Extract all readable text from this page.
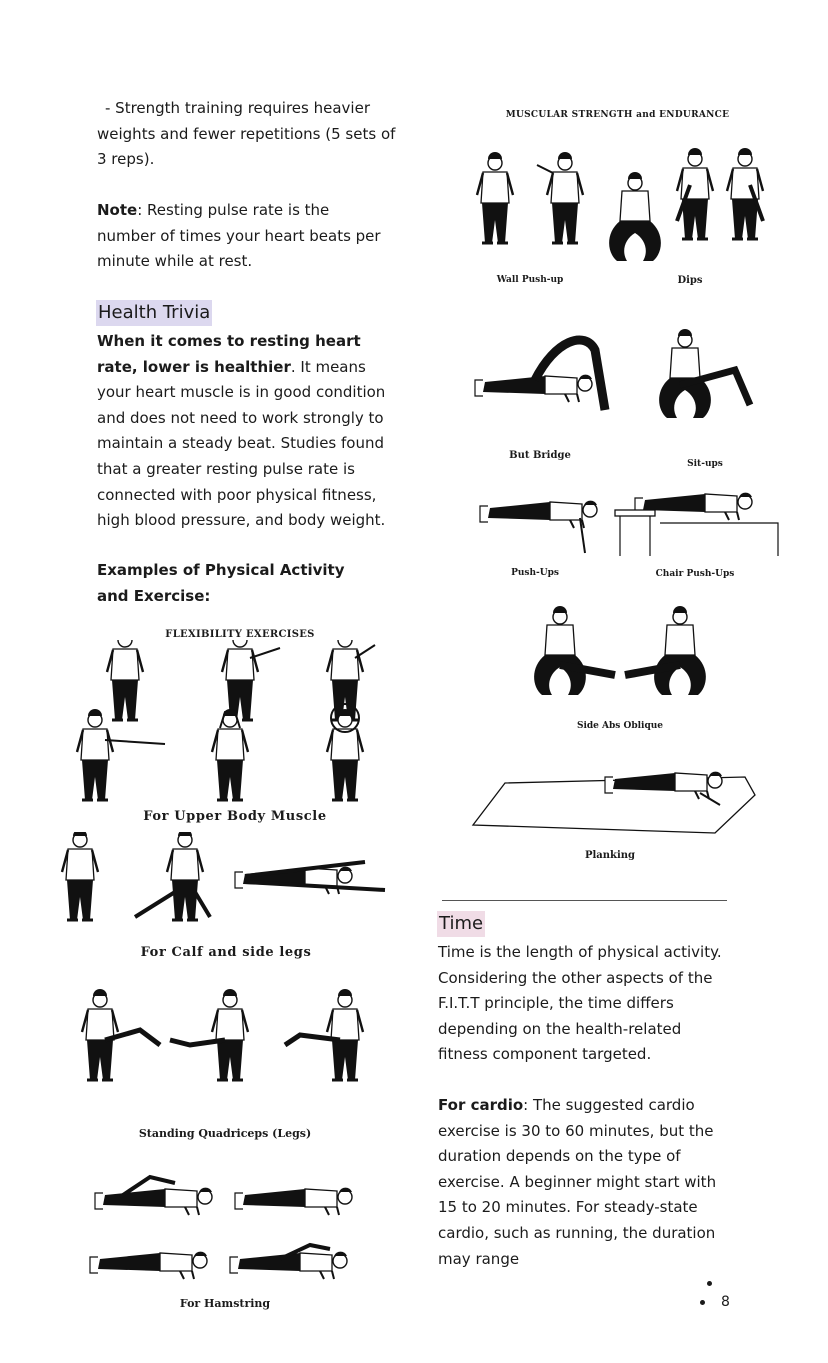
- Strength training requires heavier weights and fewer repetitions (5 sets of 3 reps).
Note: Resting pulse rate is the number of times your heart beats per minute while at rest.
Health Trivia
When it comes to resting heart rate, lower is healthier. It means your heart muscle is in good condition and does not need to work strongly to maintain a steady beat. Studies found that a greater resting pulse rate is connected with poor physical fitness, high blood pressure, and body weight.
Examples of Physical Activity and Exercise:
FLEXIBILITY EXERCISES
For Upper Body Muscle
For Calf and side legs
Standing Quadriceps (Legs)
For Hamstring
MUSCULAR STRENGTH and ENDURANCE
Wall Push-up	Dips
But Bridge
Sit-ups
Push-Ups	Chair Push-Ups
Side Abs Oblique
Planking
Time
Time is the length of physical activity. Considering the other aspects of the F.I.T.T principle, the time differs depending on the health-related fitness component targeted.
For cardio: The suggested cardio exercise is 30 to 60 minutes, but the duration depends on the type of exercise. A beginner might start with 15 to 20 minutes. For steady-state cardio, such as running, the duration may range
8
